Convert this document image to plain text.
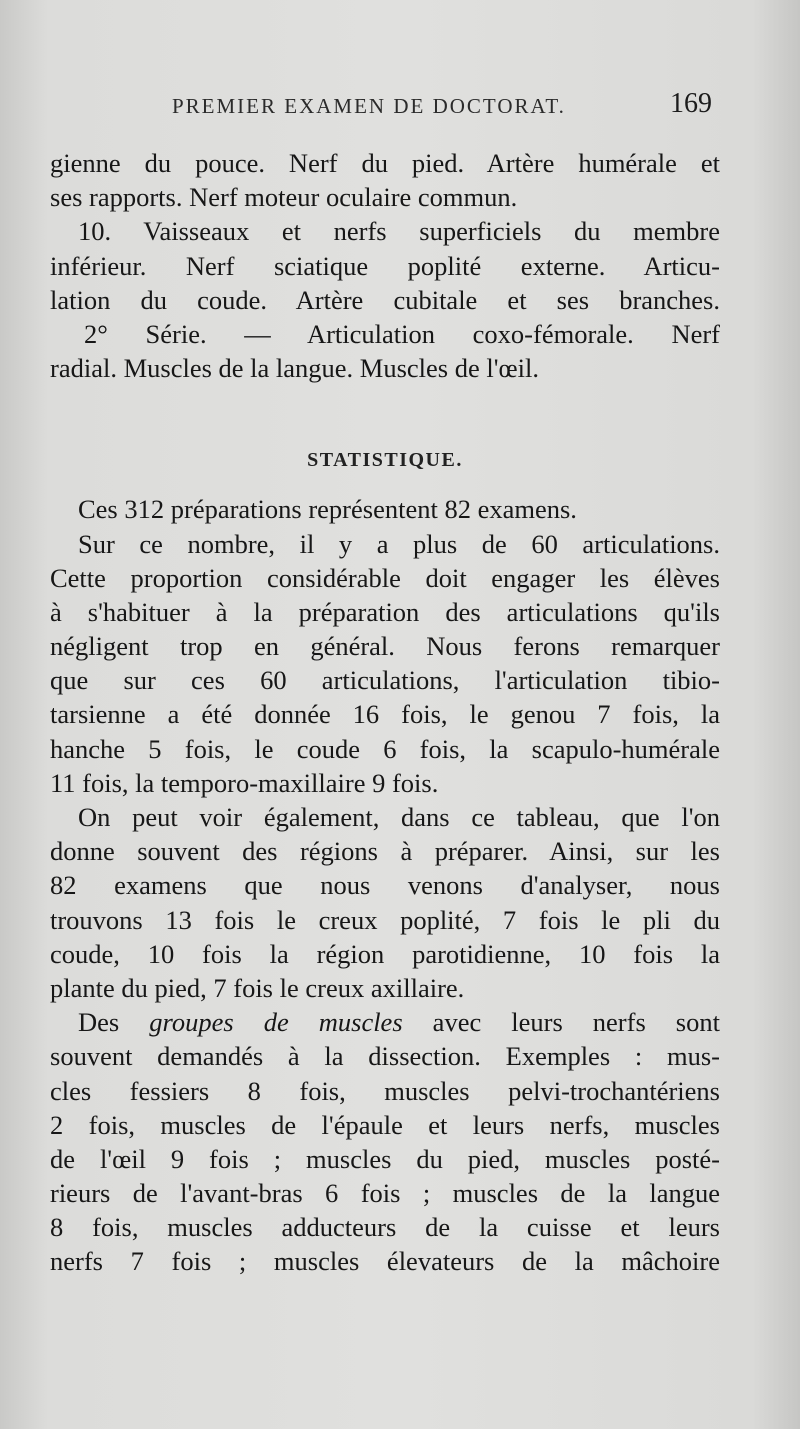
PREMIER EXAMEN DE DOCTORAT.	169
gienne du pouce. Nerf du pied. Artère humérale et
ses rapports. Nerf moteur oculaire commun.
10. Vaisseaux et nerfs superficiels du membre
inférieur. Nerf sciatique poplité externe. Articu-
lation du coude. Artère cubitale et ses branches.
2° Série. — Articulation coxo-fémorale. Nerf
radial. Muscles de la langue. Muscles de l'œil.
STATISTIQUE.
Ces 312 préparations représentent 82 examens.
Sur ce nombre, il y a plus de 60 articulations.
Cette proportion considérable doit engager les élèves
à s'habituer à la préparation des articulations qu'ils
négligent trop en général. Nous ferons remarquer
que sur ces 60 articulations, l'articulation tibio-
tarsienne a été donnée 16 fois, le genou 7 fois, la
hanche 5 fois, le coude 6 fois, la scapulo-humérale
11 fois, la temporo-maxillaire 9 fois.
On peut voir également, dans ce tableau, que l'on
donne souvent des régions à préparer. Ainsi, sur les
82 examens que nous venons d'analyser, nous
trouvons 13 fois le creux poplité, 7 fois le pli du
coude, 10 fois la région parotidienne, 10 fois la
plante du pied, 7 fois le creux axillaire.
Des groupes de muscles avec leurs nerfs sont
souvent demandés à la dissection. Exemples : mus-
cles fessiers 8 fois, muscles pelvi-trochantériens
2 fois, muscles de l'épaule et leurs nerfs, muscles
de l'œil 9 fois ; muscles du pied, muscles posté-
rieurs de l'avant-bras 6 fois ; muscles de la langue
8 fois, muscles adducteurs de la cuisse et leurs
nerfs 7 fois ; muscles élevateurs de la mâchoire
